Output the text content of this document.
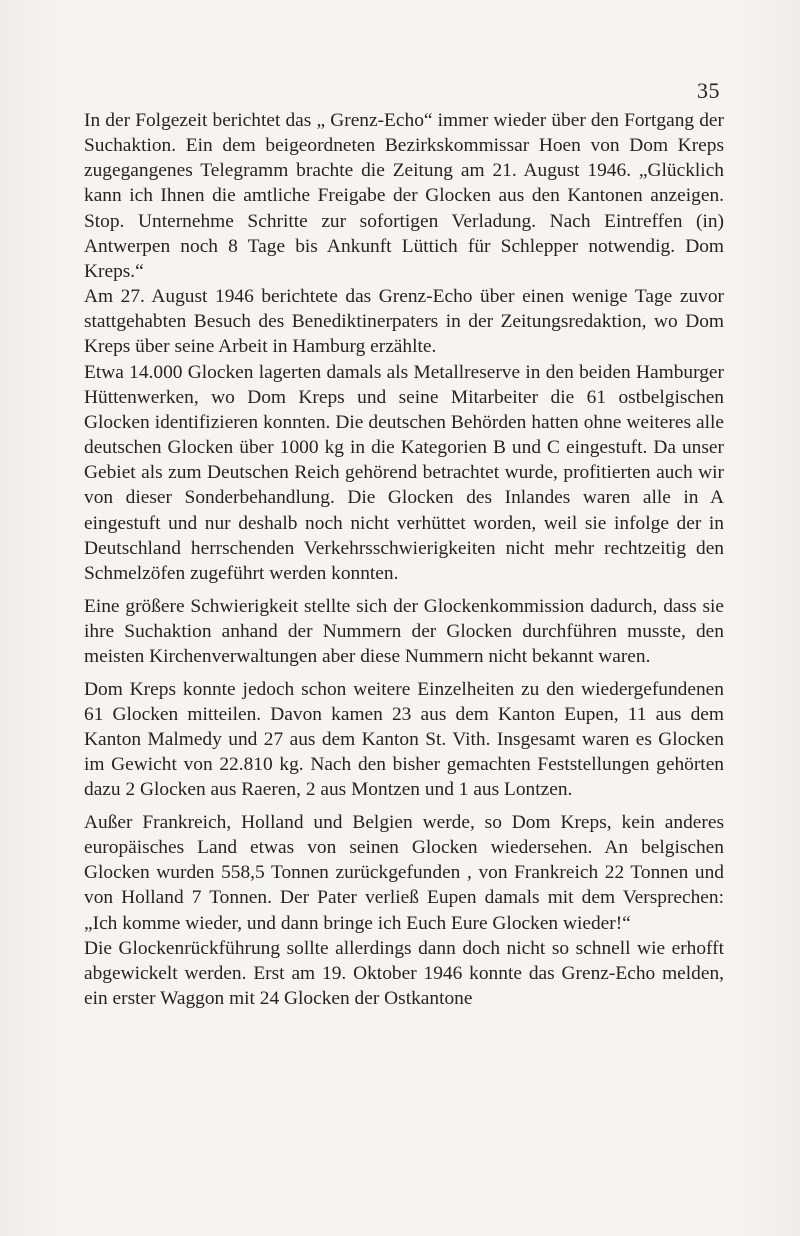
35

In der Folgezeit berichtet das „ Grenz-Echo“ immer wieder über den Fortgang der Suchaktion. Ein dem beigeordneten Bezirkskommissar Hoen von Dom Kreps zugegangenes Telegramm brachte die Zeitung am 21. August 1946. „Glücklich kann ich Ihnen die amtliche Freigabe der Glocken aus den Kantonen anzeigen. Stop. Unternehme Schritte zur sofortigen Verladung. Nach Eintreffen (in) Antwerpen noch 8 Tage bis Ankunft Lüttich für Schlepper notwendig. Dom Kreps.“

Am 27. August 1946 berichtete das Grenz-Echo über einen wenige Tage zuvor stattgehabten Besuch des Benediktinerpaters in der Zeitungsredaktion, wo Dom Kreps über seine Arbeit in Hamburg erzählte.

Etwa 14.000 Glocken lagerten damals als Metallreserve in den beiden Hamburger Hüttenwerken, wo Dom Kreps und seine Mitarbeiter die 61 ostbelgischen Glocken identifizieren konnten. Die deutschen Behörden hatten ohne weiteres alle deutschen Glocken über 1000 kg in die Kategorien B und C eingestuft. Da unser Gebiet als zum Deutschen Reich gehörend betrachtet wurde, profitierten auch wir von dieser Sonderbehandlung. Die Glocken des Inlandes waren alle in A eingestuft und nur deshalb noch nicht verhüttet worden, weil sie infolge der in Deutschland herrschenden Verkehrsschwierigkeiten nicht mehr rechtzeitig den Schmelzöfen zugeführt werden konnten.

Eine größere Schwierigkeit stellte sich der Glockenkommission dadurch, dass sie ihre Suchaktion anhand der Nummern der Glocken durchführen musste, den meisten Kirchenverwaltungen aber diese Nummern nicht bekannt waren.

Dom Kreps konnte jedoch schon weitere Einzelheiten zu den wiedergefundenen 61 Glocken mitteilen. Davon kamen 23 aus dem Kanton Eupen, 11 aus dem Kanton Malmedy und 27 aus dem Kanton St. Vith. Insgesamt waren es Glocken im Gewicht von 22.810 kg. Nach den bisher gemachten Feststellungen gehörten dazu 2 Glocken aus Raeren, 2 aus Montzen und 1 aus Lontzen.

Außer Frankreich, Holland und Belgien werde, so Dom Kreps, kein anderes europäisches Land etwas von seinen Glocken wiedersehen. An belgischen Glocken wurden 558,5 Tonnen zurückgefunden , von Frankreich 22 Tonnen und von Holland 7 Tonnen. Der Pater verließ Eupen damals mit dem Versprechen: „Ich komme wieder, und dann bringe ich Euch Eure Glocken wieder!“

Die Glockenrückführung sollte allerdings dann doch nicht so schnell wie erhofft abgewickelt werden. Erst am 19. Oktober 1946 konnte das Grenz-Echo melden, ein erster Waggon mit 24 Glocken der Ostkantone
